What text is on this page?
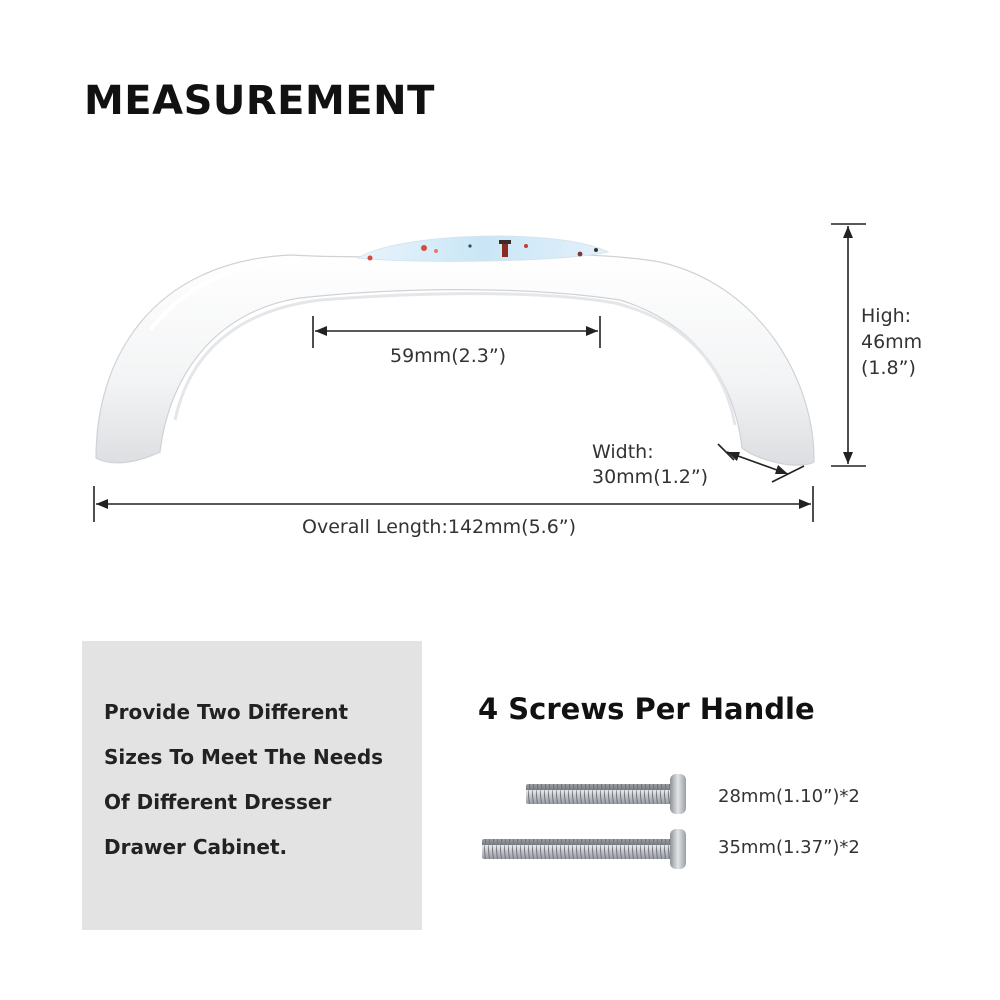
MEASUREMENT
59mm(2.3”)
High:
46mm
(1.8”)
Width:
30mm(1.2”)
Overall Length:142mm(5.6”)
Provide Two Different
Sizes To Meet The Needs
Of Different Dresser
Drawer Cabinet.
4 Screws Per Handle
28mm(1.10”)*2
35mm(1.37”)*2
